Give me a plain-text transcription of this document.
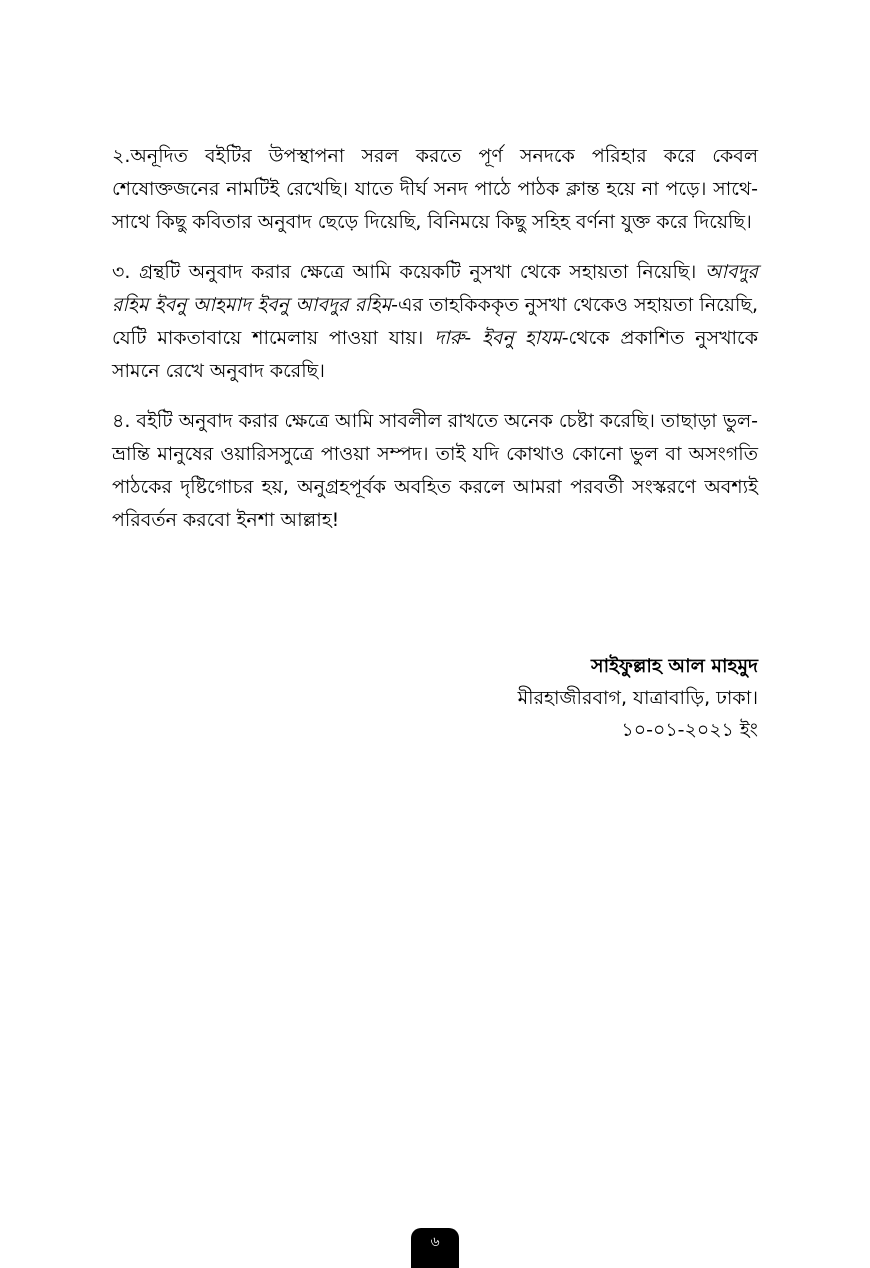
২.অনূদিত বইটির উপস্থাপনা সরল করতে পূর্ণ সনদকে পরিহার করে কেবল শেষোক্তজনের নামটিই রেখেছি। যাতে দীর্ঘ সনদ পাঠে পাঠক ক্লান্ত হয়ে না পড়ে। সাথে-সাথে কিছু কবিতার অনুবাদ ছেড়ে দিয়েছি, বিনিময়ে কিছু সহিহ বর্ণনা যুক্ত করে দিয়েছি।

৩. গ্রন্থটি অনুবাদ করার ক্ষেত্রে আমি কয়েকটি নুসখা থেকে সহায়তা নিয়েছি। আবদুর রহিম ইবনু আহমাদ ইবনু আবদুর রহিম-এর তাহকিককৃত নুসখা থেকেও সহায়তা নিয়েছি, যেটি মাকতাবায়ে শামেলায় পাওয়া যায়। দারু- ইবনু হাযম-থেকে প্রকাশিত নুসখাকে সামনে রেখে অনুবাদ করেছি।

৪. বইটি অনুবাদ করার ক্ষেত্রে আমি সাবলীল রাখতে অনেক চেষ্টা করেছি। তাছাড়া ভুল-ভ্রান্তি মানুষের ওয়ারিসসুত্রে পাওয়া সম্পদ। তাই যদি কোথাও কোনো ভুল বা অসংগতি পাঠকের দৃষ্টিগোচর হয়, অনুগ্রহপূর্বক অবহিত করলে আমরা পরবর্তী সংস্করণে অবশ্যই পরিবর্তন করবো ইনশা আল্লাহ!

সাইফুল্লাহ আল মাহমুদ
মীরহাজীরবাগ, যাত্রাবাড়ি, ঢাকা।
১০-০১-২০২১ ইং
৬
